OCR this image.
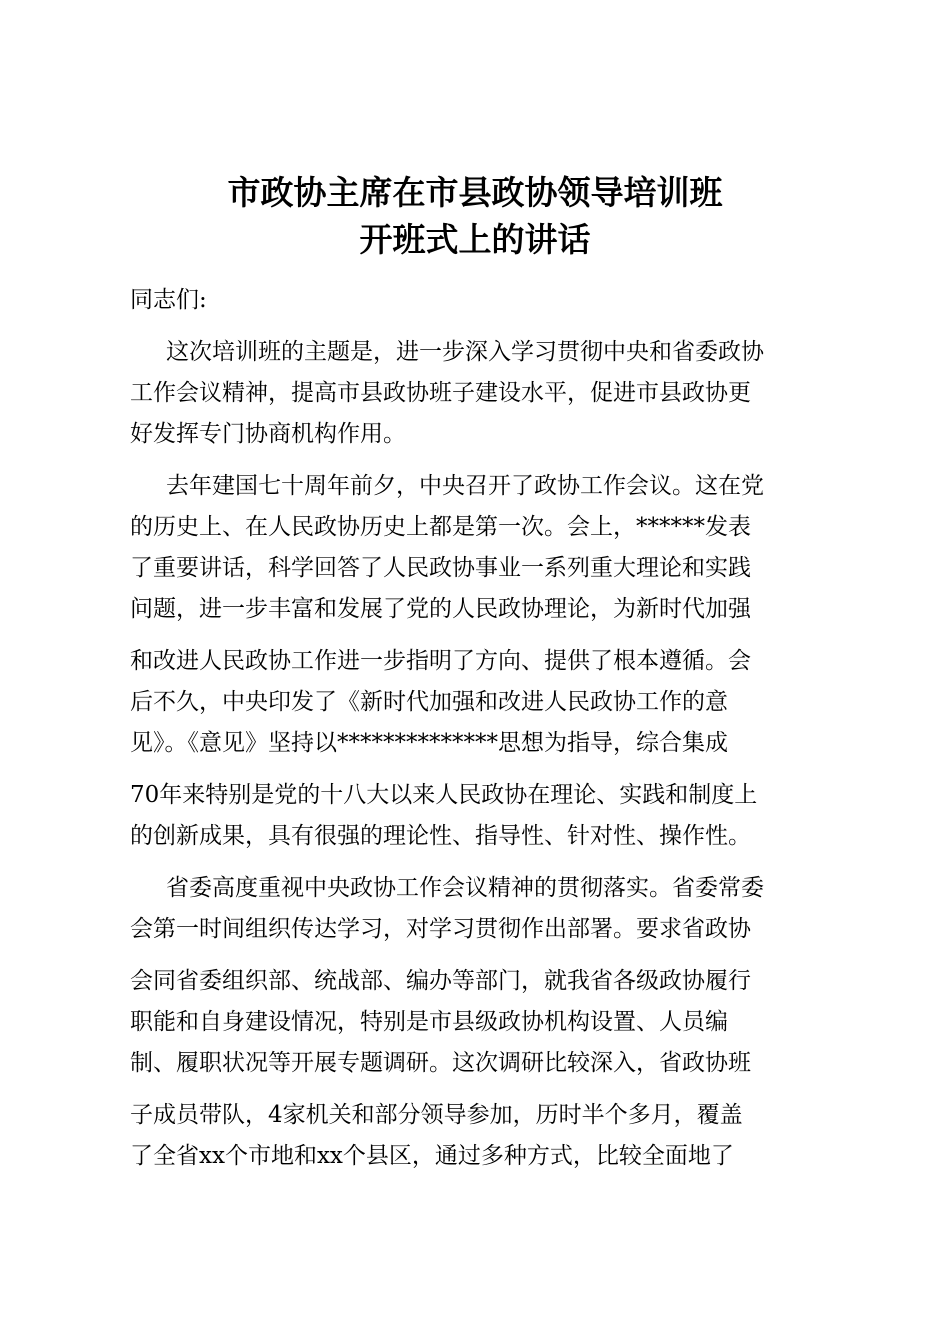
市政协主席在市县政协领导培训班
开班式上的讲话
同志们:
这次培训班的主题是，进一步深入学习贯彻中央和省委政协
工作会议精神，提高市县政协班子建设水平，促进市县政协更
好发挥专门协商机构作用。
去年建国七十周年前夕，中央召开了政协工作会议。这在党
的历史上、在人民政协历史上都是第一次。会上，******发表
了重要讲话，科学回答了人民政协事业一系列重大理论和实践
问题，进一步丰富和发展了党的人民政协理论，为新时代加强
和改进人民政协工作进一步指明了方向、提供了根本遵循。会
后不久，中央印发了《新时代加强和改进人民政协工作的意
见》。《意见》坚持以**************思想为指导，综合集成
70年来特别是党的十八大以来人民政协在理论、实践和制度上
的创新成果，具有很强的理论性、指导性、针对性、操作性。
省委高度重视中央政协工作会议精神的贯彻落实。省委常委
会第一时间组织传达学习，对学习贯彻作出部署。要求省政协
会同省委组织部、统战部、编办等部门，就我省各级政协履行
职能和自身建设情况，特别是市县级政协机构设置、人员编
制、履职状况等开展专题调研。这次调研比较深入，省政协班
子成员带队，4家机关和部分领导参加，历时半个多月，覆盖
了全省xx个市地和xx个县区，通过多种方式，比较全面地了
